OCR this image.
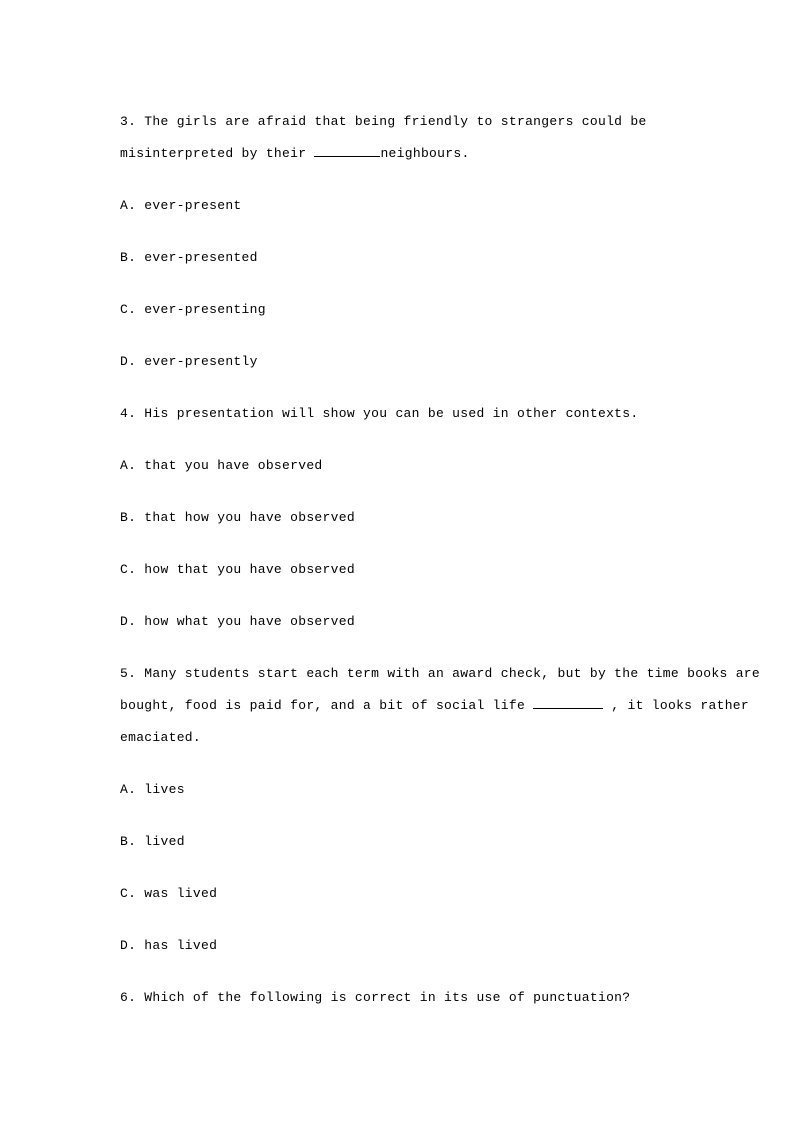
3. The girls are afraid that being friendly to strangers could be
misinterpreted by their	neighbours.
A. ever-present
B. ever-presented
C. ever-presenting
D. ever-presently
4. His presentation will show you can be used in other contexts.
A. that you have observed
B. that how you have observed
C. how that you have observed
D. how what you have observed
5. Many students start each term with an award check, but by the time books are
bought, food is paid for, and a bit of social life	, it looks rather
emaciated.
A. lives
B. lived
C. was lived
D. has lived
6. Which of the following is correct in its use of punctuation?
